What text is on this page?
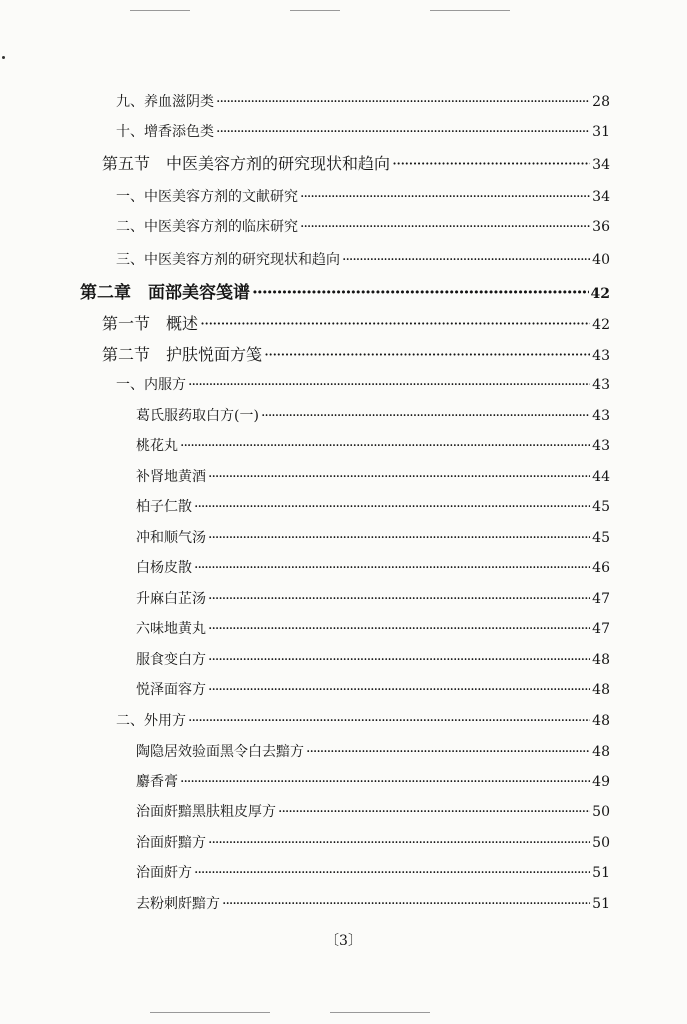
九、养血滋阴类 ·····	28
十、增香添色类 ·····	31
第五节　中医美容方剂的研究现状和趋向 ·····	34
一、中医美容方剂的文献研究 ·····	34
二、中医美容方剂的临床研究 ·····	36
三、中医美容方剂的研究现状和趋向 ·····	40
第二章　面部美容笺谱 ·····	42
第一节　概述 ·····	42
第二节　护肤悦面方笺 ·····	43
一、内服方 ·····	43
葛氏服药取白方(一) ·····	43
桃花丸 ·····	43
补肾地黄酒 ·····	44
柏子仁散 ·····	45
冲和顺气汤 ·····	45
白杨皮散 ·····	46
升麻白芷汤 ·····	47
六味地黄丸 ·····	47
服食变白方 ·····	48
悦泽面容方 ·····	48
二、外用方 ·····	48
陶隐居效验面黑令白去黯方 ·····	48
麝香膏 ·····	49
治面皯黯黑肤粗皮厚方 ·····	50
治面皯黯方 ·····	50
治面皯方 ·····	51
去粉刺皯黯方 ·····	51
〔3〕
